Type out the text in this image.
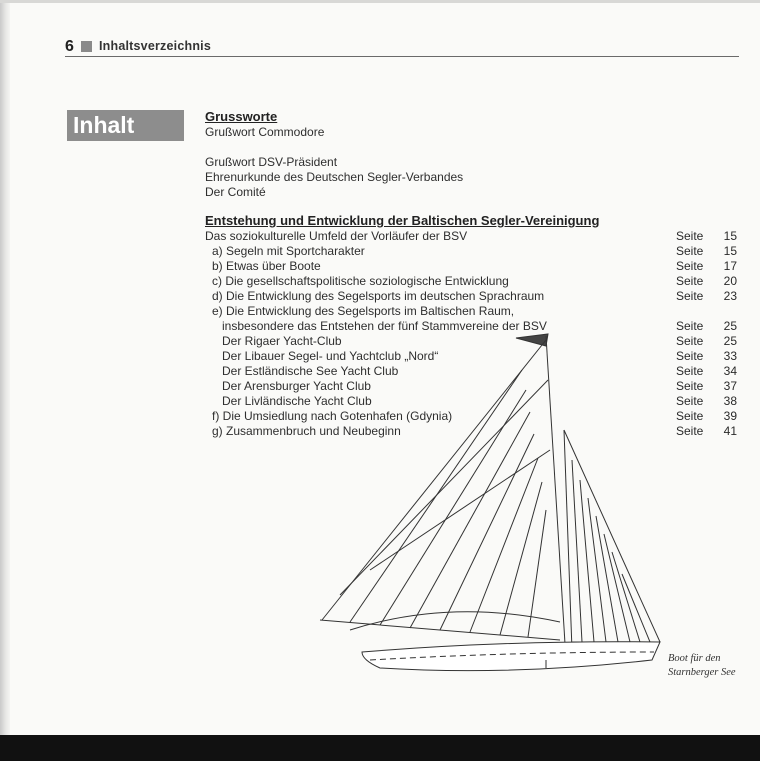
6 Inhaltsverzeichnis
Inhalt	Grussworte
Grußwort Commodore
Grußwort DSV-Präsident
Ehrenurkunde des Deutschen Segler-Verbandes
Der Comité
Entstehung und Entwicklung der Baltischen Segler-Vereinigung
Das soziokulturelle Umfeld der Vorläufer der BSV	Seite	15
a) Segeln mit Sportcharakter	Seite	15
b) Etwas über Boote	Seite	17
c) Die gesellschaftspolitische soziologische Entwicklung	Seite	20
d) Die Entwicklung des Segelsports im deutschen Sprachraum	Seite	23
e) Die Entwicklung des Segelsports im Baltischen Raum,
insbesondere das Entstehen der fünf Stammvereine der BSV	Seite	25
Der Rigaer Yacht-Club	Seite	25
Der Libauer Segel- und Yachtclub „Nord“	Seite	33
Der Estländische See Yacht Club	Seite	34
Der Arensburger Yacht Club	Seite	37
Der Livländische Yacht Club	Seite	38
f) Die Umsiedlung nach Gotenhafen (Gdynia)	Seite	39
g) Zusammenbruch und Neubeginn	Seite	41
Boot für den
Starnberger See
